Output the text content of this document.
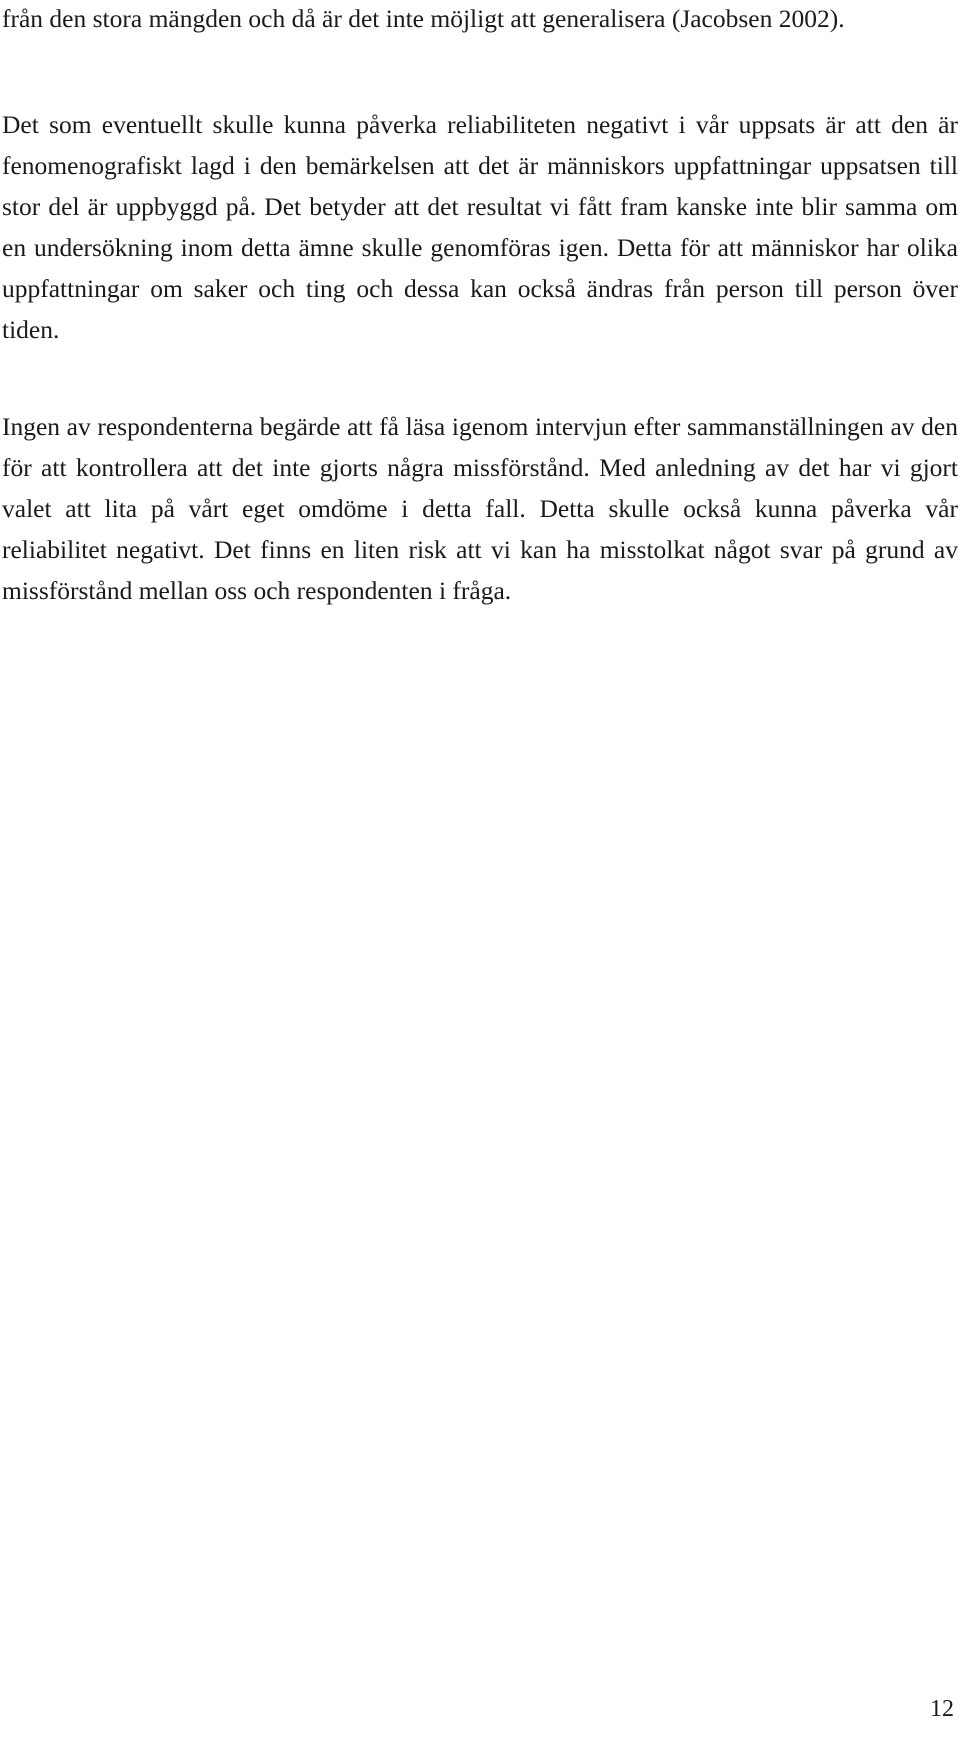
från den stora mängden och då är det inte möjligt att generalisera (Jacobsen 2002).

Det som eventuellt skulle kunna påverka reliabiliteten negativt i vår uppsats är att den är fenomenografiskt lagd i den bemärkelsen att det är människors uppfattningar uppsatsen till stor del är uppbyggd på. Det betyder att det resultat vi fått fram kanske inte blir samma om en undersökning inom detta ämne skulle genomföras igen. Detta för att människor har olika uppfattningar om saker och ting och dessa kan också ändras från person till person över tiden.

Ingen av respondenterna begärde att få läsa igenom intervjun efter sammanställningen av den för att kontrollera att det inte gjorts några missförstånd. Med anledning av det har vi gjort valet att lita på vårt eget omdöme i detta fall. Detta skulle också kunna påverka vår reliabilitet negativt. Det finns en liten risk att vi kan ha misstolkat något svar på grund av missförstånd mellan oss och respondenten i fråga.

12
